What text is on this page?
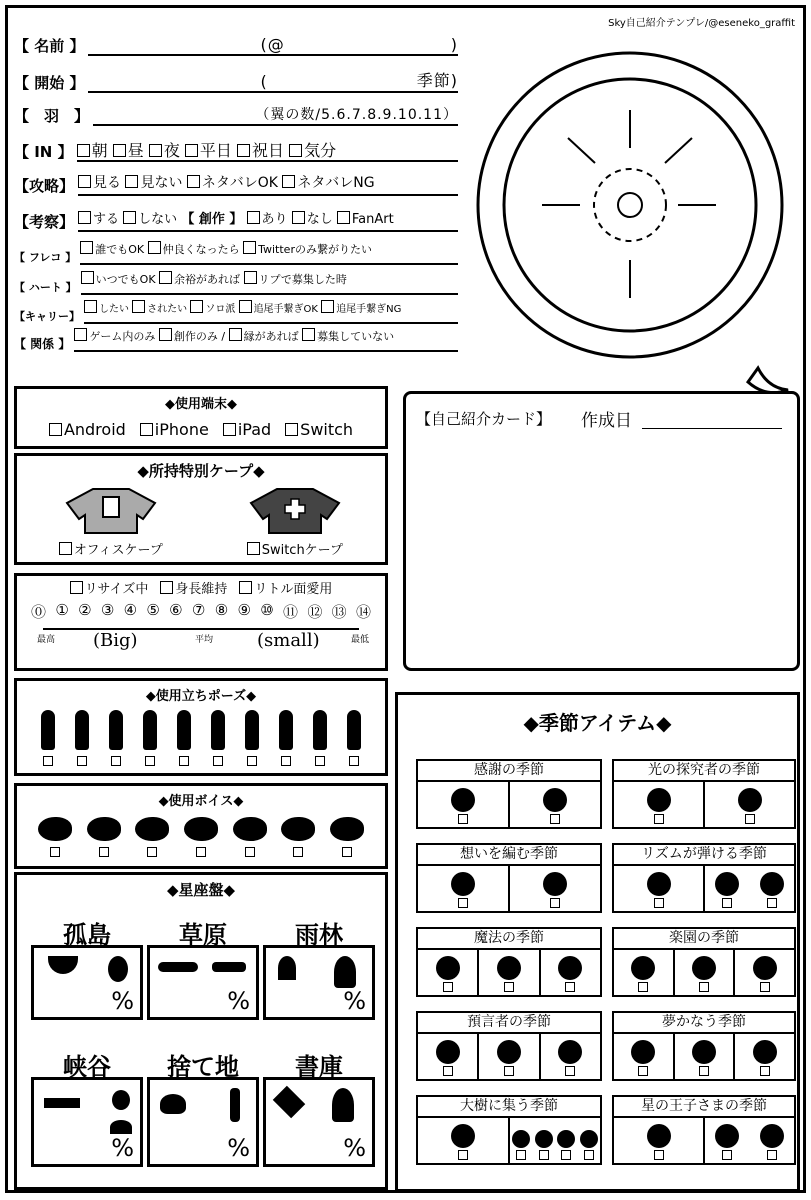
Sky自己紹介テンプレ/@eseneko_graffit
【 名前 】	(@	)
【 開始 】	(	季節)
【　羽　】	（翼の数/5.6.7.8.9.10.11）
【 IN 】	朝 昼 夜 平日 祝日 気分
【攻略】	見る 見ない ネタバレOK ネタバレNG
【考察】	する しない 【 創作 】 あり なし FanArt
【 フレコ 】
誰でもOK 仲良くなったら Twitterのみ繋がりたい
【 ハート 】
いつでもOK 余裕があれば リプで募集した時
【キャリー】
したい されたい ソロ派 追尾手繋ぎOK 追尾手繋ぎNG
【 関係 】
ゲーム内のみ 創作のみ / 縁があれば 募集していない
◆使用端末◆
Android	iPhone	iPad	Switch
◆所持特別ケープ◆
オフィスケープ	Switchケープ
リサイズ中	身長維持	リトル面愛用
⓪ ① ② ③ ④ ⑤ ⑥ ⑦ ⑧ ⑨ ⑩ ⑪ ⑫ ⑬ ⑭
最高 (Big)	平均 (small)	最低
◆使用立ちポーズ◆
◆使用ボイス◆
◆星座盤◆
孤島	草原	雨林
%	%	%
峡谷	捨て地	書庫
%	%	%
【自己紹介カード】 作成日
◆季節アイテム◆
感謝の季節	光の探究者の季節
想いを編む季節	リズムが弾ける季節
魔法の季節	楽園の季節
預言者の季節	夢かなう季節
大樹に集う季節	星の王子さまの季節
